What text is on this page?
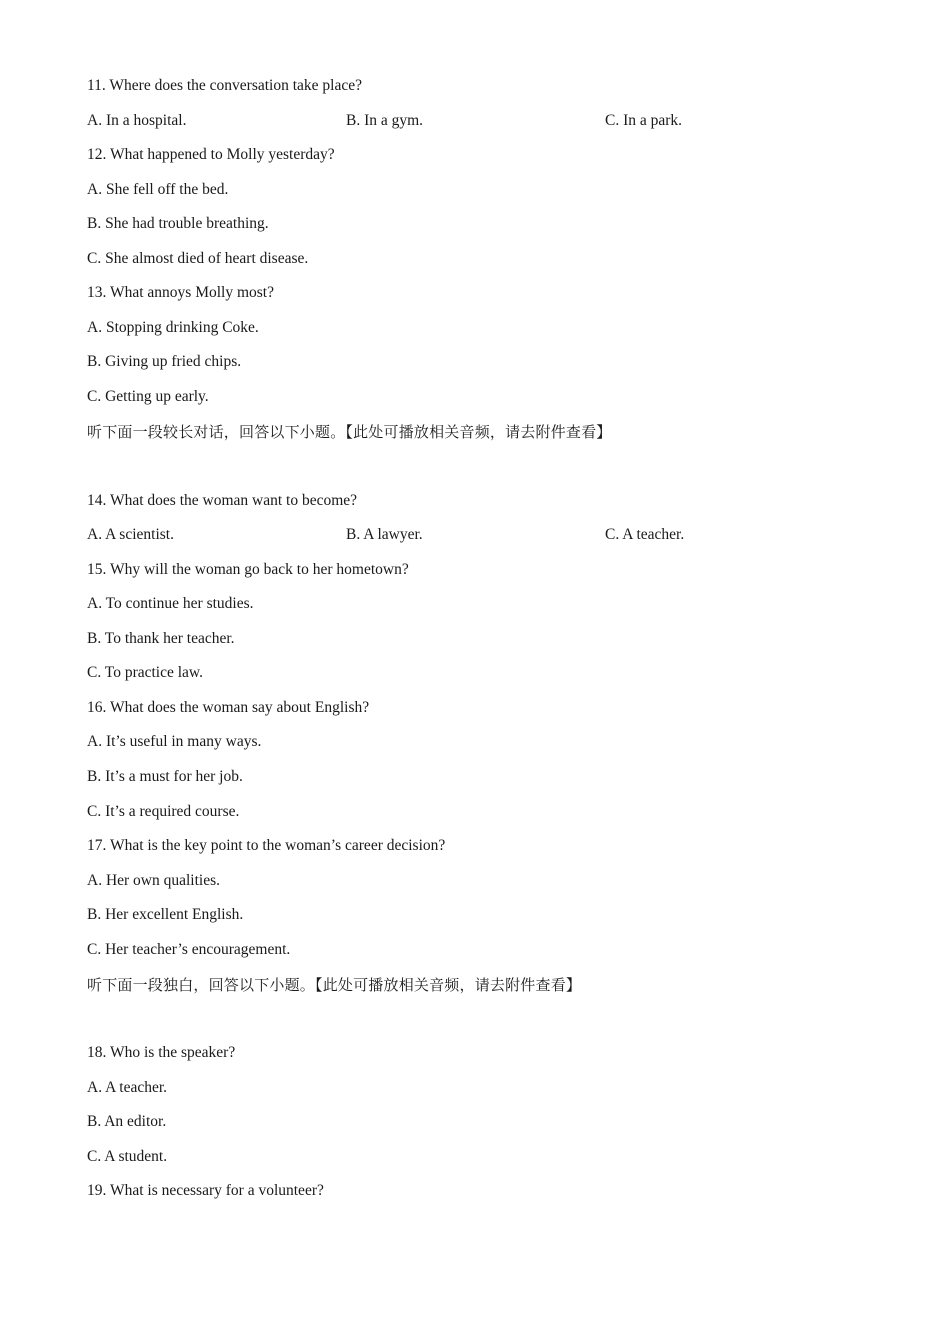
11. Where does the conversation take place?
A. In a hospital.	B. In a gym.	C. In a park.
12. What happened to Molly yesterday?
A. She fell off the bed.
B. She had trouble breathing.
C. She almost died of heart disease.
13. What annoys Molly most?
A. Stopping drinking Coke.
B. Giving up fried chips.
C. Getting up early.
听下面一段较长对话，回答以下小题。【此处可播放相关音频，请去附件查看】
14. What does the woman want to become?
A. A scientist.	B. A lawyer.	C. A teacher.
15. Why will the woman go back to her hometown?
A. To continue her studies.
B. To thank her teacher.
C. To practice law.
16. What does the woman say about English?
A. It’s useful in many ways.
B. It’s a must for her job.
C. It’s a required course.
17. What is the key point to the woman’s career decision?
A. Her own qualities.
B. Her excellent English.
C. Her teacher’s encouragement.
听下面一段独白，回答以下小题。【此处可播放相关音频，请去附件查看】
18. Who is the speaker?
A. A teacher.
B. An editor.
C. A student.
19. What is necessary for a volunteer?
